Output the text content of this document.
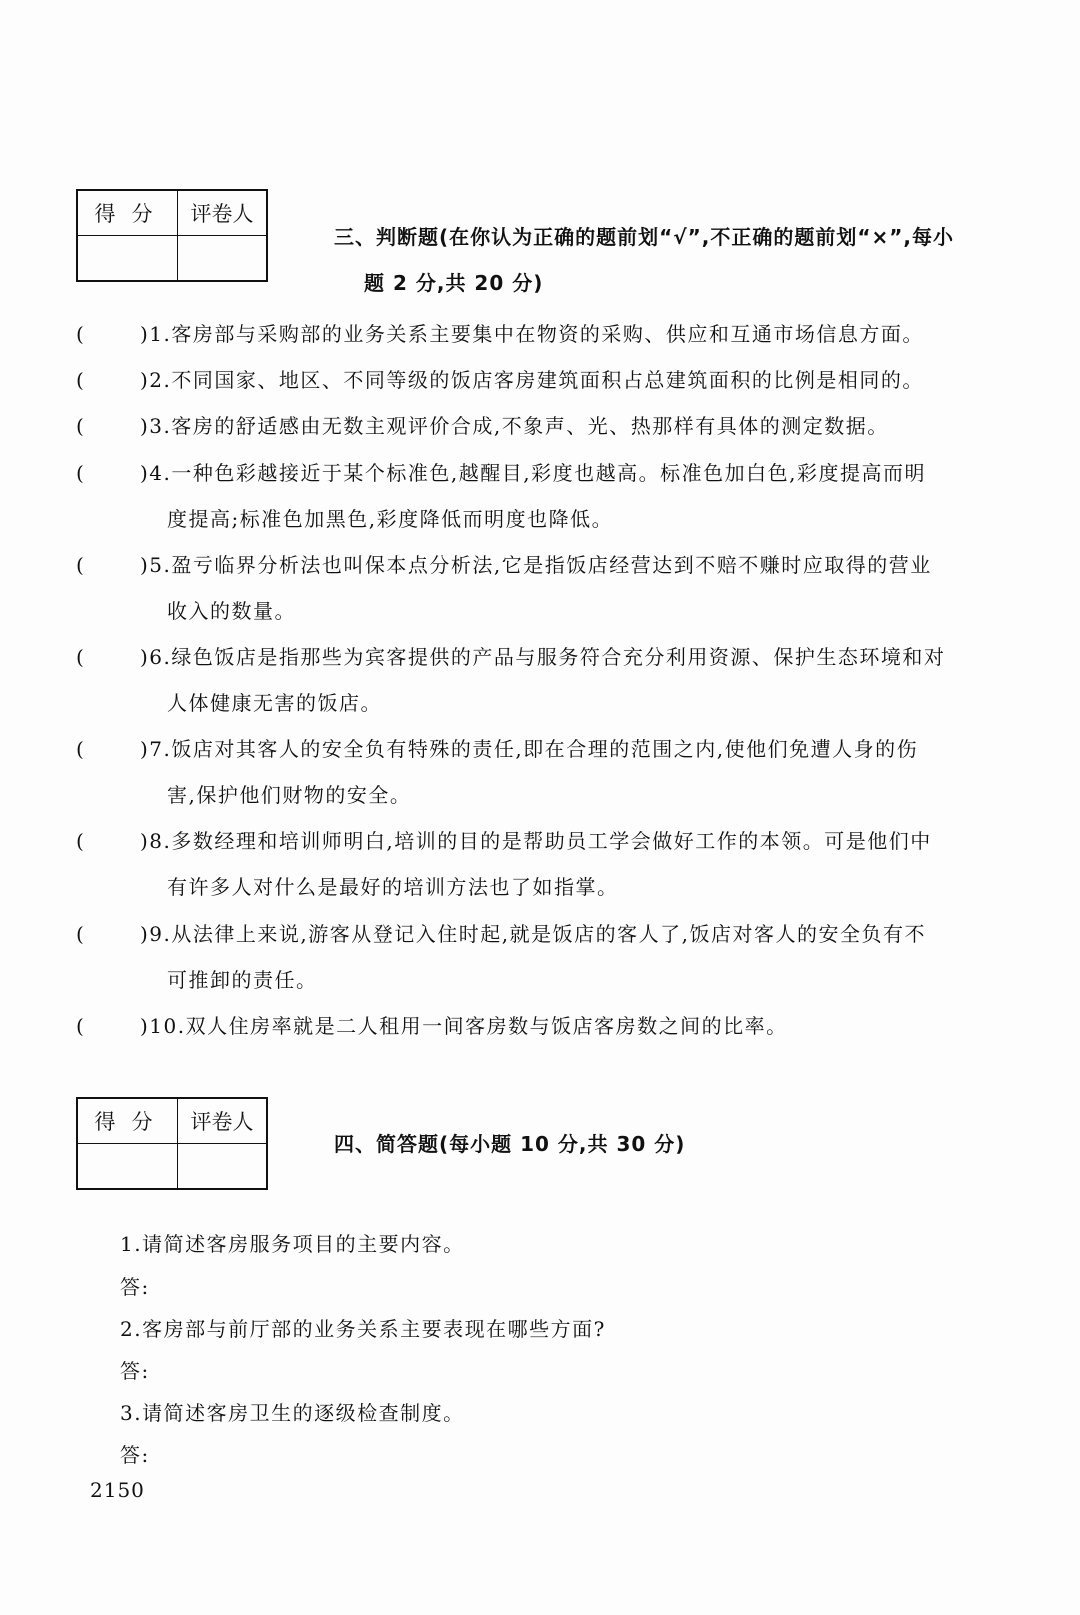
得分	评卷人

三、判断题(在你认为正确的题前划“√”,不正确的题前划“×”,每小
题 2 分,共 20 分)
(	)1.客房部与采购部的业务关系主要集中在物资的采购、供应和互通市场信息方面。
(	)2.不同国家、地区、不同等级的饭店客房建筑面积占总建筑面积的比例是相同的。
(	)3.客房的舒适感由无数主观评价合成,不象声、光、热那样有具体的测定数据。
(	)4.一种色彩越接近于某个标准色,越醒目,彩度也越高。标准色加白色,彩度提高而明
度提高;标准色加黑色,彩度降低而明度也降低。
(	)5.盈亏临界分析法也叫保本点分析法,它是指饭店经营达到不赔不赚时应取得的营业
收入的数量。
(	)6.绿色饭店是指那些为宾客提供的产品与服务符合充分利用资源、保护生态环境和对
人体健康无害的饭店。
(	)7.饭店对其客人的安全负有特殊的责任,即在合理的范围之内,使他们免遭人身的伤
害,保护他们财物的安全。
(	)8.多数经理和培训师明白,培训的目的是帮助员工学会做好工作的本领。可是他们中
有许多人对什么是最好的培训方法也了如指掌。
(	)9.从法律上来说,游客从登记入住时起,就是饭店的客人了,饭店对客人的安全负有不
可推卸的责任。
(	)10.双人住房率就是二人租用一间客房数与饭店客房数之间的比率。
得分	评卷人

四、简答题(每小题 10 分,共 30 分)
1.请简述客房服务项目的主要内容。
答:
2.客房部与前厅部的业务关系主要表现在哪些方面?
答:
3.请简述客房卫生的逐级检查制度。
答:
2150
